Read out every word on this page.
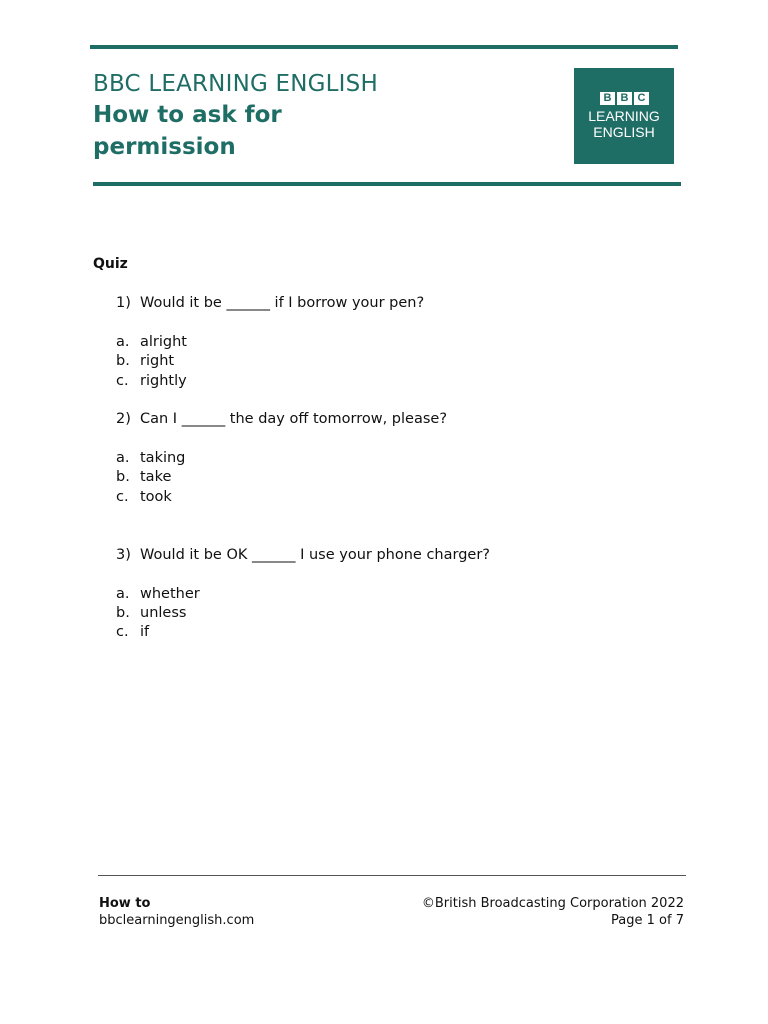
BBC LEARNING ENGLISH
How to ask for
permission
B B C
LEARNING
ENGLISH
Quiz
1) Would it be ______ if I borrow your pen?
a. alright
b. right
c. rightly
2) Can I ______ the day off tomorrow, please?
a. taking
b. take
c. took
3) Would it be OK ______ I use your phone charger?
a. whether
b. unless
c. if
How to
bbclearningenglish.com
©British Broadcasting Corporation 2022
Page 1 of 7
